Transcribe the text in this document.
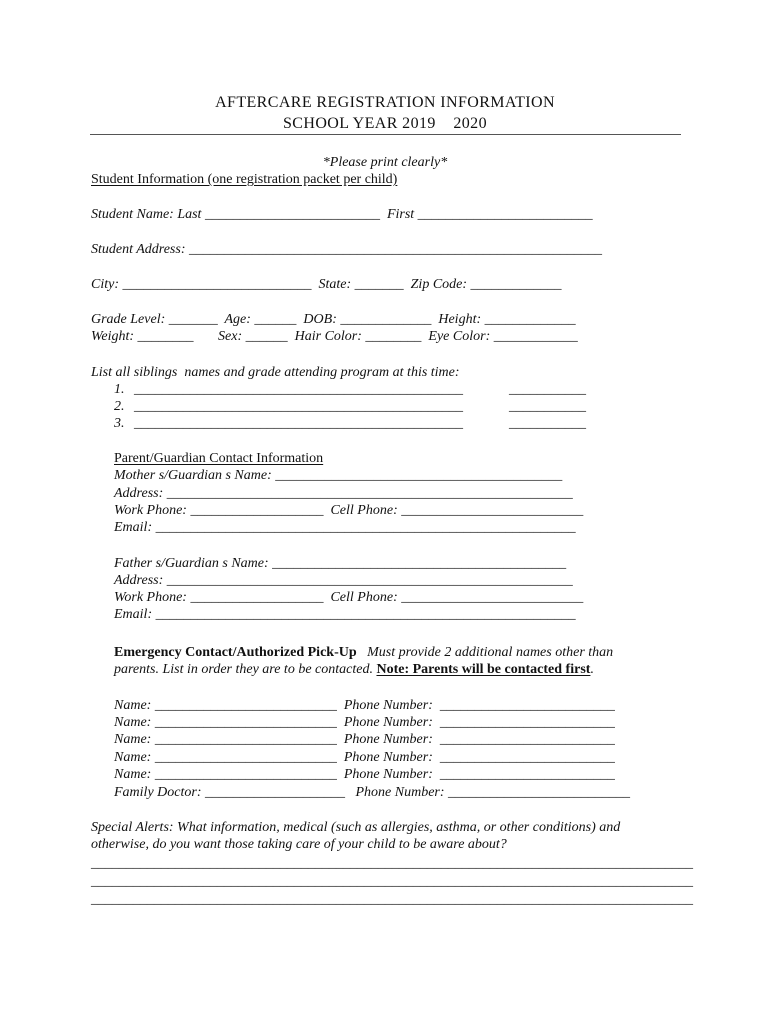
AFTERCARE REGISTRATION INFORMATION
SCHOOL YEAR 2019    2020
*Please print clearly*
Student Information (one registration packet per child)
Student Name: Last _________________________  First _________________________
Student Address: ___________________________________________________________
City: ___________________________  State: _______  Zip Code: _____________
Grade Level: _______  Age: ______  DOB: _____________  Height: _____________
Weight: ________       Sex: ______  Hair Color: ________  Eye Color: ____________
List all siblings  names and grade attending program at this time:
1. _______________________________________________	___________
2. _______________________________________________	___________
3. _______________________________________________	___________
Parent/Guardian Contact Information
Mother s/Guardian s Name: _________________________________________
Address: __________________________________________________________
Work Phone: ___________________  Cell Phone: __________________________
Email: ____________________________________________________________
Father s/Guardian s Name: __________________________________________
Address: __________________________________________________________
Work Phone: ___________________  Cell Phone: __________________________
Email: ____________________________________________________________
Emergency Contact/Authorized Pick-Up Must provide 2 additional names other than
parents. List in order they are to be contacted. Note: Parents will be contacted first.
Name: __________________________  Phone Number:  _________________________
Name: __________________________  Phone Number:  _________________________
Name: __________________________  Phone Number:  _________________________
Name: __________________________  Phone Number:  _________________________
Name: __________________________  Phone Number:  _________________________
Family Doctor: ____________________   Phone Number: __________________________
Special Alerts: What information, medical (such as allergies, asthma, or other conditions) and
otherwise, do you want those taking care of your child to be aware about?
______________________________________________________________________________________
______________________________________________________________________________________
______________________________________________________________________________________
